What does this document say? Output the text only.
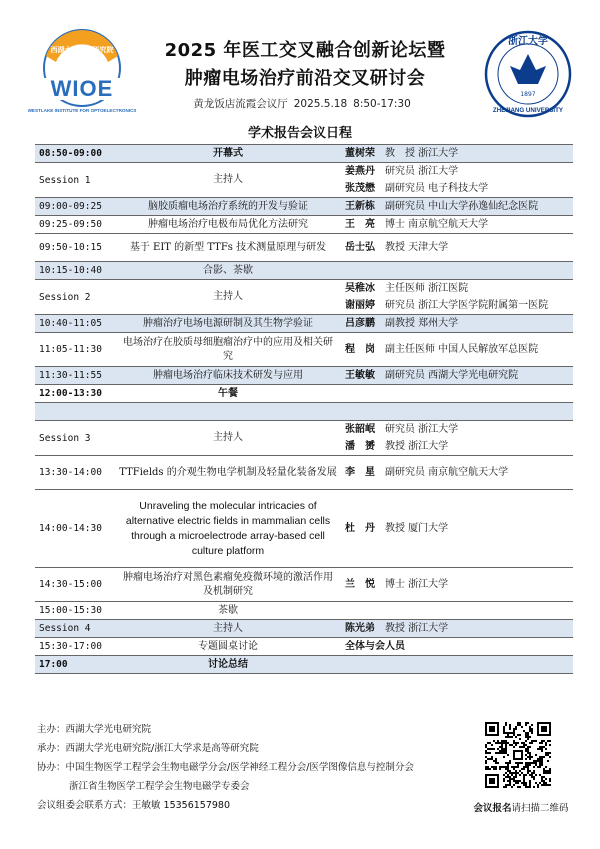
西湖大学光电研究院
WIOE
WESTLAKE INSTITUTE FOR OPTOELECTRONICS
2025 年医工交叉融合创新论坛暨
肿瘤电场治疗前沿交叉研讨会
黄龙饭店流霞会议厅 2025.5.18 8:50-17:30
浙江大学
1897
ZHEJIANG UNIVERSITY
学术报告会议日程
08:50-09:00	开幕式	董树荣 教　授 浙江大学

Session 1	主持人	姜燕丹 研究员 浙江大学
张茂懋 副研究员 电子科技大学

09:00-09:25	脑胶质瘤电场治疗系统的开发与验证	王新栋 副研究员 中山大学孙逸仙纪念医院

09:25-09:50	肿瘤电场治疗电极布局优化方法研究	王　亮 博士 南京航空航天大学

09:50-10:15	基于 EIT 的新型 TTFs 技术测量原理与研发	岳士弘 教授 天津大学

10:15-10:40	合影、茶歇	
Session 2	主持人	吴稚冰 主任医师 浙江医院
谢丽婷 研究员 浙江大学医学院附属第一医院

10:40-11:05	肿瘤治疗电场电源研制及其生物学验证	吕彦鹏 副教授 郑州大学

11:05-11:30	电场治疗在胶质母细胞瘤治疗中的应用及相关研究	程　岗 副主任医师 中国人民解放军总医院

11:30-11:55	肿瘤电场治疗临床技术研发与应用	王敏敏 副研究员 西湖大学光电研究院

12:00-13:30	午餐	

Session 3	主持人	张韶岷 研究员 浙江大学
潘　赟 教授 浙江大学

13:30-14:00	TTFields 的介观生物电学机制及轻量化装备发展	李　星 副研究员 南京航空航天大学

14:00-14:30	Unraveling the molecular intricacies of alternative electric fields in mammalian cells through a microelectrode array-based cell culture platform	杜　丹 教授 厦门大学

14:30-15:00	肿瘤电场治疗对黑色素瘤免疫微环境的激活作用及机制研究	兰　悦 博士 浙江大学

15:00-15:30	茶歇	
Session 4	主持人	陈光弟 教授 浙江大学

15:30-17:00	专题圆桌讨论	全体与会人员

17:00	讨论总结	
主办：西湖大学光电研究院
承办：西湖大学光电研究院/浙江大学求是高等研究院
协办：中国生物医学工程学会生物电磁学分会/医学神经工程分会/医学图像信息与控制分会
浙江省生物医学工程学会生物电磁学专委会
会议组委会联系方式：王敏敏 15356157980	会议报名请扫描二维码
